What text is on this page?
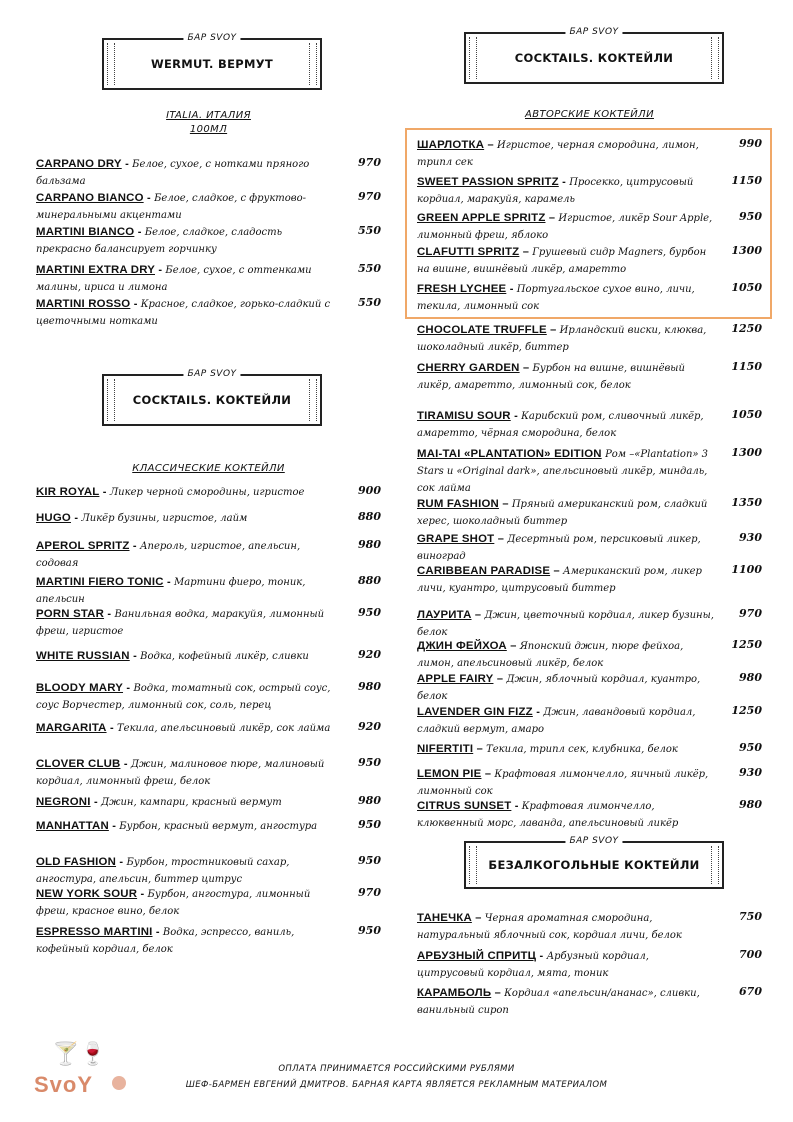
БАР SVOY
WERMUT. ВЕРМУТ
ITALIA. ИТАЛИЯ
100МЛ
БАР SVOY
COCKTAILS. КОКТЕЙЛИ
КЛАССИЧЕСКИЕ КОКТЕЙЛИ
CARPANO DRY - Белое, сухое, с нотками пряного бальзама
970
CARPANO BIANCO - Белое, сладкое, с фруктово-минеральными акцентами
970
MARTINI BIANCO - Белое, сладкое, сладость прекрасно балансирует горчинку
550
MARTINI EXTRA DRY - Белое, сухое, с оттенками малины, ириса и лимона
550
MARTINI ROSSO - Красное, сладкое, горько-сладкий с цветочными нотками
550
KIR ROYAL - Ликер черной смородины, игристое	900
HUGO - Ликёр бузины, игристое, лайм	880
APEROL SPRITZ - Апероль, игристое, апельсин, содовая
980
MARTINI FIERO TONIC - Мартини фиеро, тоник, апельсин
880
PORN STAR - Ванильная водка, маракуйя, лимонный фреш, игристое
950
WHITE RUSSIAN - Водка, кофейный ликёр, сливки	920
BLOODY MARY - Водка, томатный сок, острый соус, соус Ворчестер, лимонный сок, соль, перец
980
MARGARITA - Текила, апельсиновый ликёр, сок лайма	920
CLOVER CLUB - Джин, малиновое пюре, малиновый кордиал, лимонный фреш, белок
950
NEGRONI - Джин, кампари, красный вермут	980
MANHATTAN - Бурбон, красный вермут, ангостура	950
OLD FASHION - Бурбон, тростниковый сахар, ангостура, апельсин, биттер цитрус
950
NEW YORK SOUR - Бурбон, ангостура, лимонный фреш, красное вино, белок
970
ESPRESSO MARTINI - Водка, эспрессо, ваниль, кофейный кордиал, белок
950
БАР SVOY
COCKTAILS. КОКТЕЙЛИ
АВТОРСКИЕ КОКТЕЙЛИ
БАР SVOY
БЕЗАЛКОГОЛЬНЫЕ КОКТЕЙЛИ
ШАРЛОТКА – Игристое, черная смородина, лимон, трипл сек
990
SWEET PASSION SPRITZ - Просекко, цитрусовый кордиал, маракуйя, карамель
1150
GREEN APPLE SPRITZ – Игристое, ликёр Sour Apple, лимонный фреш, яблоко
950
CLAFUTTI SPRITZ – Грушевый сидр Magners, бурбон на вишне, вишнёвый ликёр, амаретто
1300
FRESH LYCHEE - Португальское сухое вино, личи, текила, лимонный сок
1050
CHOCOLATE TRUFFLE – Ирландский виски, клюква, шоколадный ликёр, биттер
1250
CHERRY GARDEN – Бурбон на вишне, вишнёвый ликёр, амаретто, лимонный сок, белок
1150
TIRAMISU SOUR - Карибский ром, сливочный ликёр, амаретто, чёрная смородина, белок
1050
MAI-TAI «PLANTATION» EDITION Ром –«Plantation» 3 Stars и «Original dark», апельсиновый ликёр, миндаль, сок лайма
1300
RUM FASHION – Пряный американский ром, сладкий херес, шоколадный биттер
1350
GRAPE SHOT – Десертный ром, персиковый ликер, виноград
930
CARIBBEAN PARADISE – Американский ром, ликер личи, куантро, цитрусовый биттер
1100
ЛАУРИТА – Джин, цветочный кордиал, ликер бузины, белок
970
ДЖИН ФЕЙХОА – Японский джин, пюре фейхоа, лимон, апельсиновый ликёр, белок
1250
APPLE FAIRY – Джин, яблочный кордиал, куантро, белок
980
LAVENDER GIN FIZZ - Джин, лавандовый кордиал, сладкий вермут, амаро
1250
NIFERTITI – Текила, трипл сек, клубника, белок	950
LEMON PIE – Крафтовая лимончелло, яичный ликёр, лимонный сок
930
CITRUS SUNSET - Крафтовая лимончелло, клюквенный морс, лаванда, апельсиновый ликёр
980
ТАНЕЧКА – Черная ароматная смородина, натуральный яблочный сок, кордиал личи, белок
750
АРБУЗНЫЙ СПРИТЦ - Арбузный кордиал, цитрусовый кордиал, мята, тоник
700
КАРАМБОЛЬ – Кордиал «апельсин/ананас», сливки, ванильный сироп
670
🍸🍷
SvoY
ОПЛАТА ПРИНИМАЕТСЯ РОССИЙСКИМИ РУБЛЯМИ
ШЕФ-БАРМЕН ЕВГЕНИЙ ДМИТРОВ. БАРНАЯ КАРТА ЯВЛЯЕТСЯ РЕКЛАМНЫМ МАТЕРИАЛОМ
